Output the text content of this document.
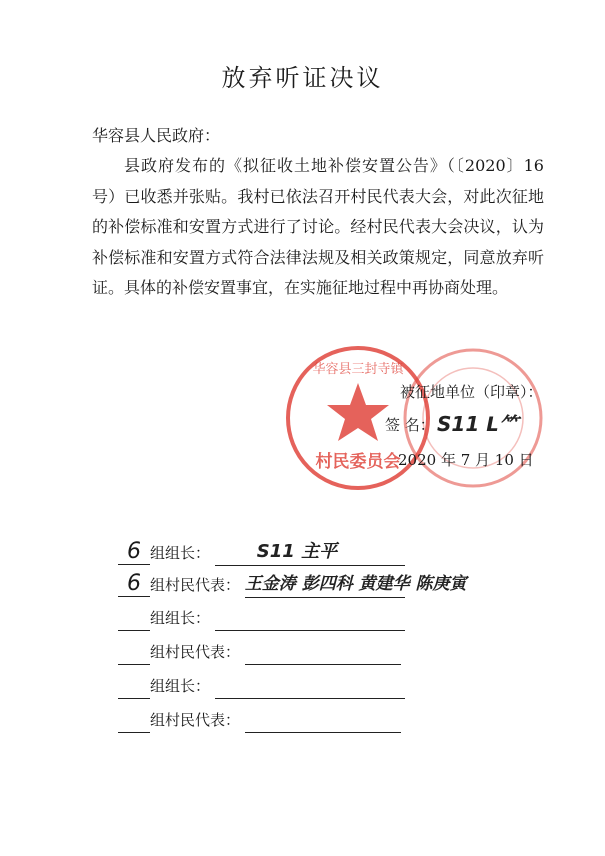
放弃听证决议
华容县人民政府：
县政府发布的《拟征收土地补偿安置公告》（〔2020〕16号）已收悉并张贴。我村已依法召开村民代表大会，对此次征地的补偿标准和安置方式进行了讨论。经村民代表大会决议，认为补偿标准和安置方式符合法律法规及相关政策规定，同意放弃听证。具体的补偿安置事宜，在实施征地过程中再协商处理。
村民委员会
华容县三封寺镇
被征地单位（印章）：
签 名： S11 ᒪ⺮
2020 年 7 月 10 日
6 组组长：	S11 主平
6 组村民代表： 王金涛 彭四科 黄建华 陈庚寅
组组长：
组村民代表：
组组长：
组村民代表：
